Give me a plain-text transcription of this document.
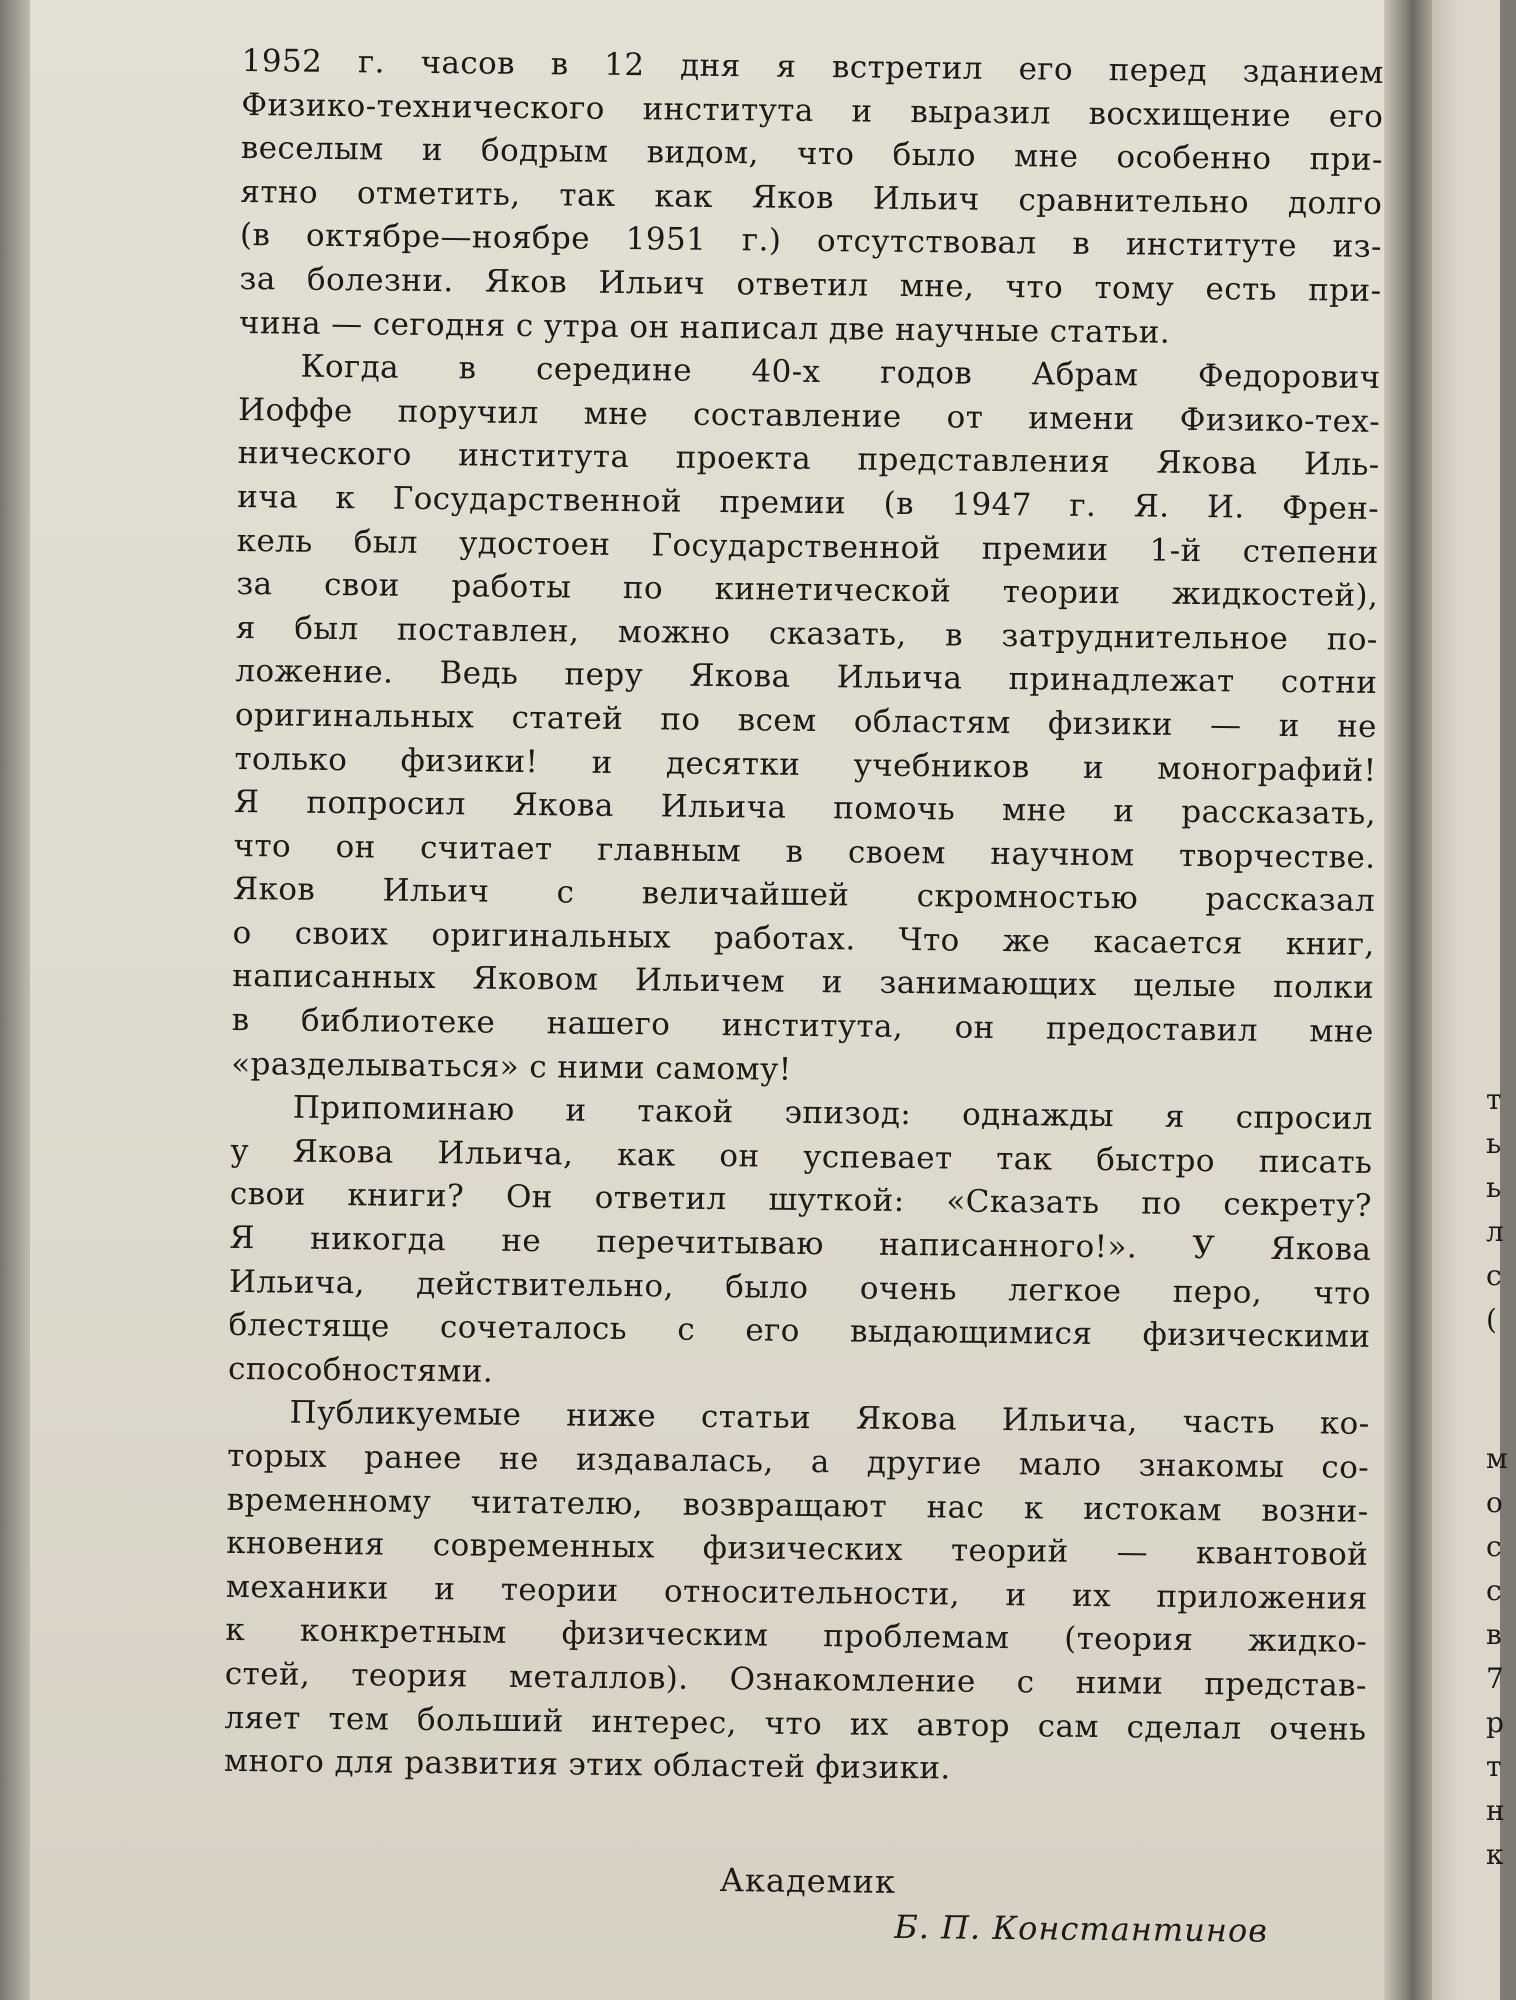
1952 г. часов в 12 дня я встретил его перед зданием
Физико-технического института и выразил восхищение его
веселым и бодрым видом, что было мне особенно при-
ятно отметить, так как Яков Ильич сравнительно долго
(в октябре—ноябре 1951 г.) отсутствовал в институте из-
за болезни. Яков Ильич ответил мне, что тому есть при-
чина — сегодня с утра он написал две научные статьи.
Когда в середине 40-х годов Абрам Федорович
Иоффе поручил мне составление от имени Физико-тех-
нического института проекта представления Якова Иль-
ича к Государственной премии (в 1947 г. Я. И. Френ-
кель был удостоен Государственной премии 1-й степени
за свои работы по кинетической теории жидкостей),
я был поставлен, можно сказать, в затруднительное по-
ложение. Ведь перу Якова Ильича принадлежат сотни
оригинальных статей по всем областям физики — и не
только физики! и десятки учебников и монографий!
Я попросил Якова Ильича помочь мне и рассказать,
что он считает главным в своем научном творчестве.
Яков Ильич с величайшей скромностью рассказал
о своих оригинальных работах. Что же касается книг,
написанных Яковом Ильичем и занимающих целые полки
в библиотеке нашего института, он предоставил мне
«разделываться» с ними самому!
Припоминаю и такой эпизод: однажды я спросил
у Якова Ильича, как он успевает так быстро писать
свои книги? Он ответил шуткой: «Сказать по секрету?
Я никогда не перечитываю написанного!». У Якова
Ильича, действительно, было очень легкое перо, что
блестяще сочеталось с его выдающимися физическими
способностями.
Публикуемые ниже статьи Якова Ильича, часть ко-
торых ранее не издавалась, а другие мало знакомы со-
временному читателю, возвращают нас к истокам возни-
кновения современных физических теорий — квантовой
механики и теории относительности, и их приложения
к конкретным физическим проблемам (теория жидко-
стей, теория металлов). Ознакомление с ними представ-
ляет тем больший интерес, что их автор сам сделал очень
много для развития этих областей физики.
Академик
Б. П. Константинов
т
ь
ь
л
с
(
м
о
с
с
в
7
р
т
н
к
